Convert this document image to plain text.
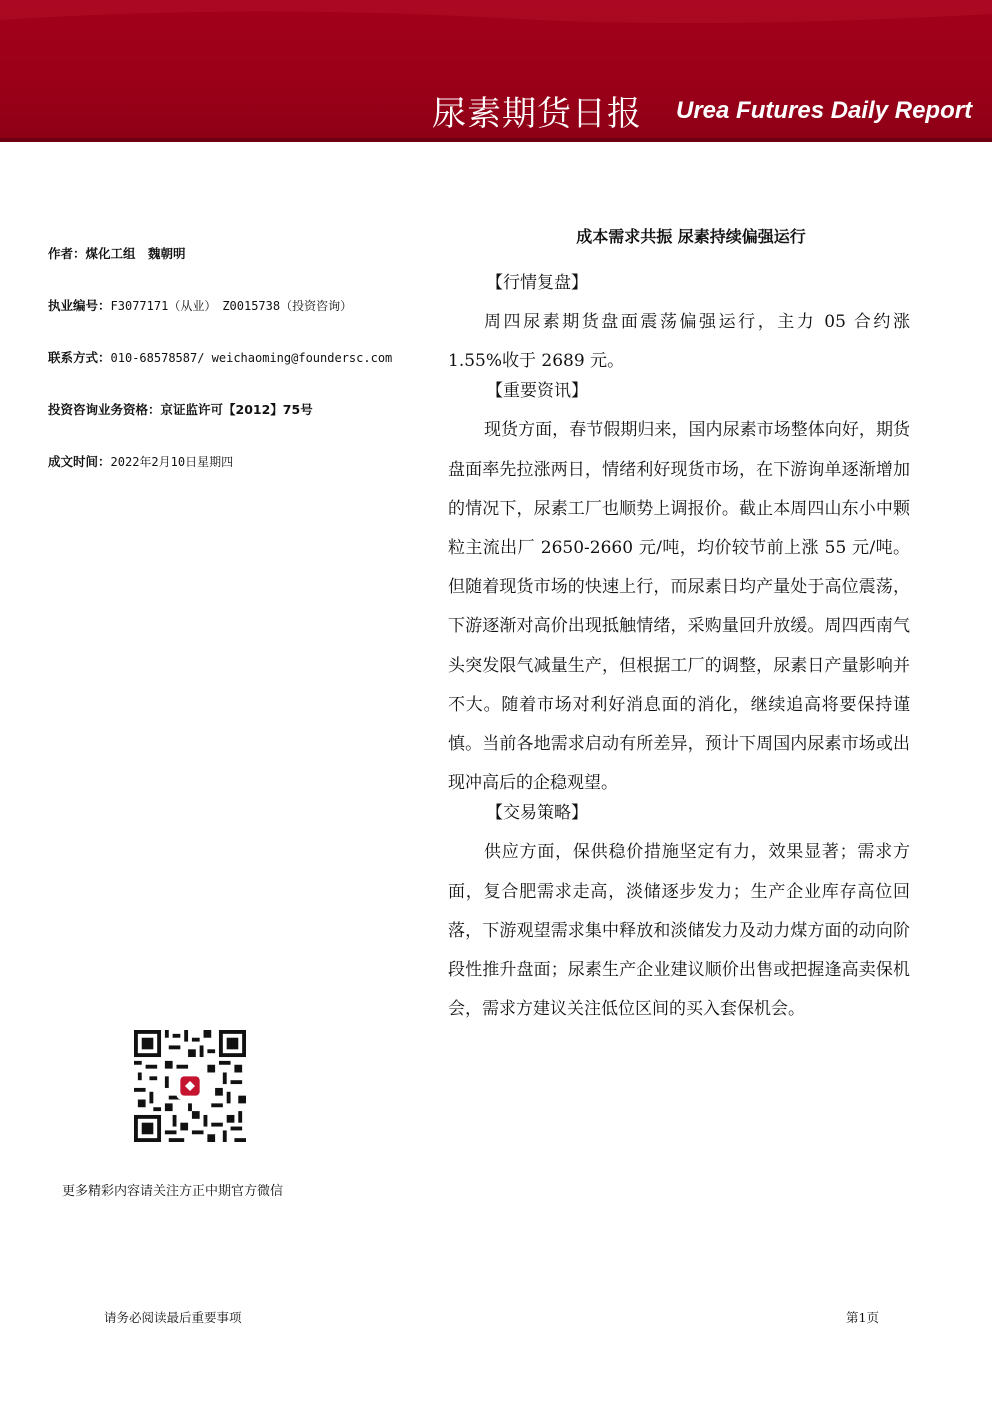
尿素期货日报 Urea Futures Daily Report
作者：煤化工组　魏朝明
执业编号：F3077171（从业）　Z0015738（投资咨询）
联系方式：010-68578587/ weichaoming@foundersc.com
投资咨询业务资格：京证监许可【2012】75号
成文时间：2022年2月10日星期四
更多精彩内容请关注方正中期官方微信
成本需求共振 尿素持续偏强运行
【行情复盘】

周四尿素期货盘面震荡偏强运行，主力 05 合约涨 1.55%收于 2689 元。

【重要资讯】

现货方面，春节假期归来，国内尿素市场整体向好，期货盘面率先拉涨两日，情绪利好现货市场，在下游询单逐渐增加的情况下，尿素工厂也顺势上调报价。截止本周四山东小中颗粒主流出厂 2650-2660 元/吨，均价较节前上涨 55 元/吨。但随着现货市场的快速上行，而尿素日均产量处于高位震荡，下游逐渐对高价出现抵触情绪，采购量回升放缓。周四西南气头突发限气减量生产，但根据工厂的调整，尿素日产量影响并不大。随着市场对利好消息面的消化，继续追高将要保持谨慎。当前各地需求启动有所差异，预计下周国内尿素市场或出现冲高后的企稳观望。

【交易策略】

供应方面，保供稳价措施坚定有力，效果显著；需求方面，复合肥需求走高，淡储逐步发力；生产企业库存高位回落，下游观望需求集中释放和淡储发力及动力煤方面的动向阶段性推升盘面；尿素生产企业建议顺价出售或把握逢高卖保机会，需求方建议关注低位区间的买入套保机会。

请务必阅读最后重要事项	第1页
